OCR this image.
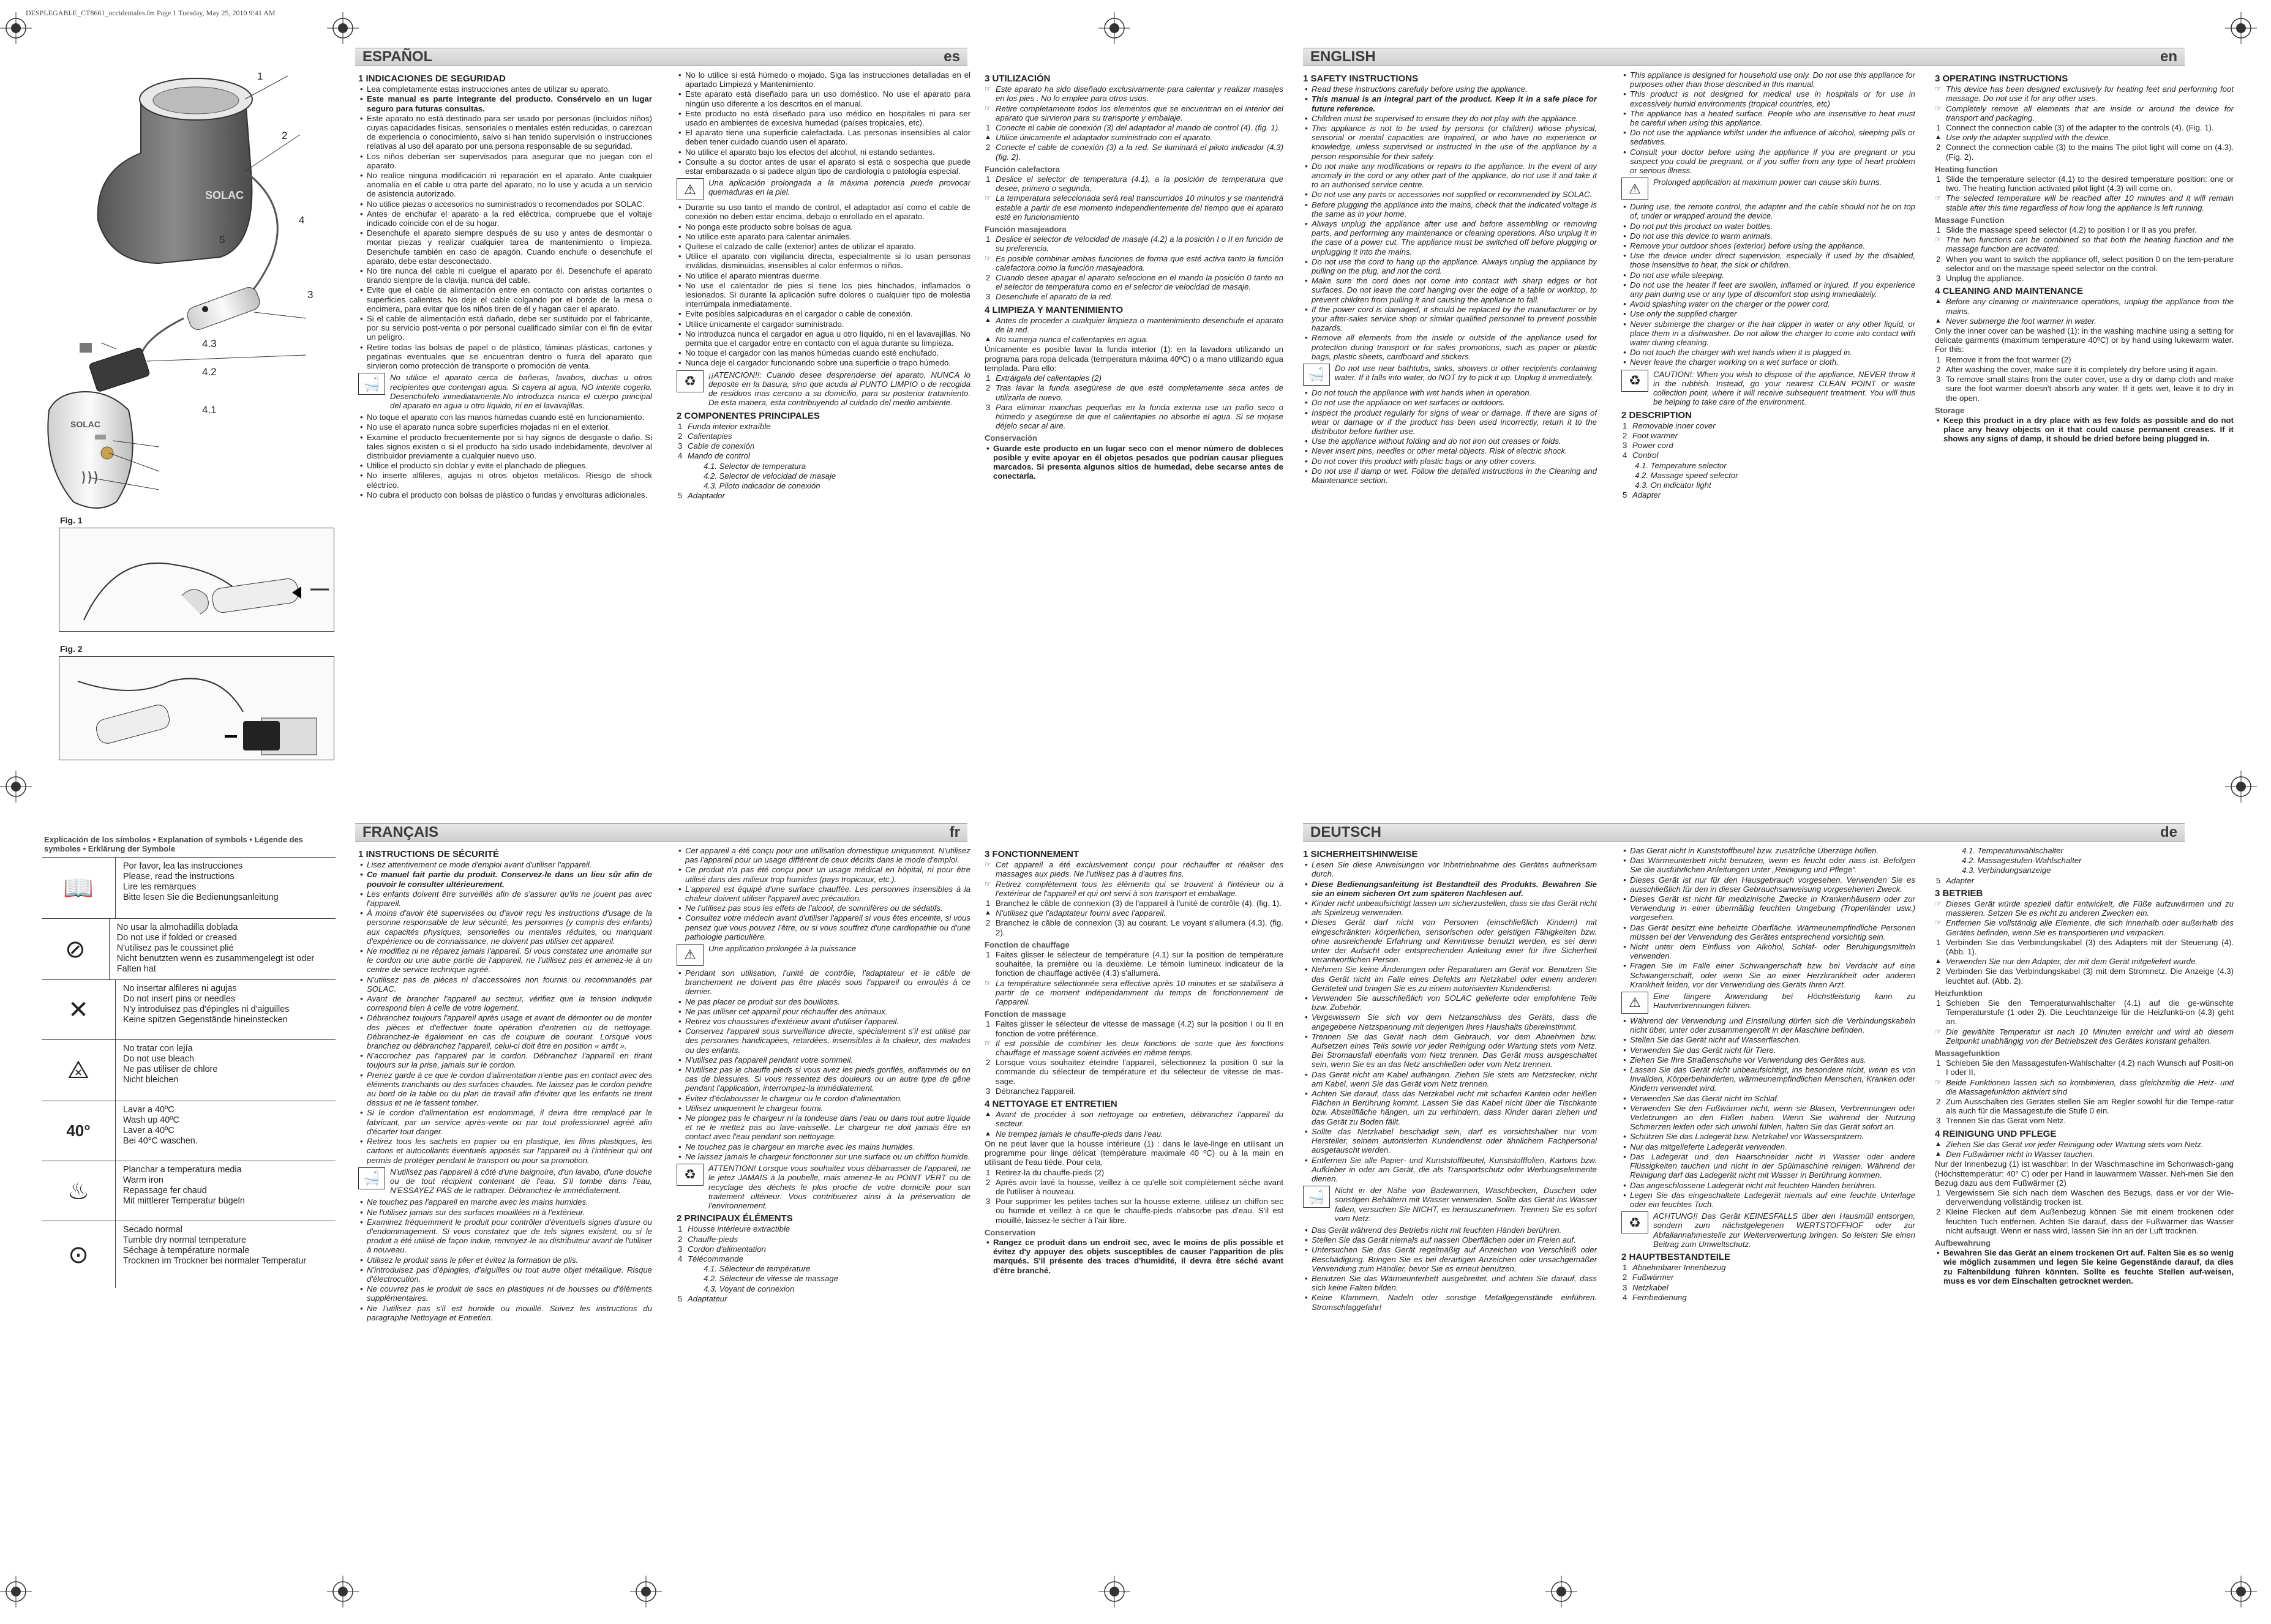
DESPLEGABLE_CT8661_occidentales.fm Page 1 Tuesday, May 25, 2010 9:41 AM
SOLAC
SOLAC
1
2
4
5
3
4.3
4.2
4.1
Fig. 1
Fig. 2
ESPAÑOL	es	ENGLISH	en
FRANÇAIS	fr	DEUTSCH	de
1 INDICACIONES DE SEGURIDAD

• Lea completamente estas instrucciones antes de utilizar su aparato.

• Este manual es parte integrante del producto. Consérvelo en un lugar seguro para futuras consultas.

• Este aparato no está destinado para ser usado por personas (incluidos niños) cuyas capacidades físicas, sensoriales o mentales estén reducidas, o carezcan de experiencia o conocimiento, salvo si han tenido supervisión o instrucciones relativas al uso del aparato por una persona responsable de su seguridad.

• Los niños deberían ser supervisados para asegurar que no juegan con el aparato.

• No realice ninguna modificación ni reparación en el aparato. Ante cualquier anomalía en el cable u otra parte del aparato, no lo use y acuda a un servicio de asistencia autorizado.

• No utilice piezas o accesorios no suministrados o recomendados por SOLAC.

• Antes de enchufar el aparato a la red eléctrica, compruebe que el voltaje indicado coincide con el de su hogar.

• Desenchufe el aparato siempre después de su uso y antes de desmontar o montar piezas y realizar cualquier tarea de mantenimiento o limpieza. Desenchufe también en caso de apagón. Cuando enchufe o desenchufe el aparato, debe estar desconectado.

• No tire nunca del cable ni cuelgue el aparato por él. Desenchufe el aparato tirando siempre de la clavija, nunca del cable.

• Evite que el cable de alimentación entre en contacto con aristas cortantes o superficies calientes. No deje el cable colgando por el borde de la mesa o encimera, para evitar que los niños tiren de él y hagan caer el aparato.

• Si el cable de alimentación está dañado, debe ser sustituido por el fabricante, por su servicio post-venta o por personal cualificado similar con el fin de evitar un peligro.

• Retire todas las bolsas de papel o de plástico, láminas plásticas, cartones y pegatinas eventuales que se encuentran dentro o fuera del aparato que sirvieron como protección de transporte o promoción de venta.

🛁	No utilice el aparato cerca de bañeras, lavabos, duchas u otros recipientes que contengan agua. Si cayera al agua, NO intente cogerlo. Desenchúfelo inmediatamente.No introduzca nunca el cuerpo principal del aparato en agua u otro líquido, ni en el lavavajillas.

• No toque el aparato con las manos húmedas cuando esté en funcionamiento.

• No use el aparato nunca sobre superficies mojadas ni en el exterior.

• Examine el producto frecuentemente por si hay signos de desgaste o daño. Si tales signos existen o si el producto ha sido usado indebidamente, devolver al distribuidor previamente a cualquier nuevo uso.

• Utilice el producto sin doblar y evite el planchado de pliegues.

• No inserte alfileres, agujas ni otros objetos metálicos. Riesgo de shock eléctrico.

• No cubra el producto con bolsas de plástico o fundas y envolturas adicionales.

• No lo utilice si está húmedo o mojado. Siga las instrucciones detalladas en el apartado Limpieza y Mantenimiento.

• Este aparato está diseñado para un uso doméstico. No use el aparato para ningún uso diferente a los descritos en el manual.

• Este producto no está diseñado para uso médico en hospitales ni para ser usado en ambientes de excesiva humedad (países tropicales, etc).

• El aparato tiene una superficie calefactada. Las personas insensibles al calor deben tener cuidado cuando usen el aparato.

• No utilice el aparato bajo los efectos del alcohol, ni estando sedantes.

• Consulte a su doctor antes de usar el aparato si está o sospecha que puede estar embarazada o si padece algún tipo de cardiología o patología especial.

⚠	Una aplicación prolongada a la máxima potencia puede provocar quemaduras en la piel.

• Durante su uso tanto el mando de control, el adaptador así como el cable de conexión no deben estar encima, debajo o enrollado en el aparato.

• No ponga este producto sobre bolsas de agua.

• No utilice este aparato para calentar animales.

• Quítese el calzado de calle (exterior) antes de utilizar el aparato.

• Utilice el aparato con vigilancia directa, especialmente si lo usan personas inválidas, disminuidas, insensibles al calor enfermos o niños.

• No utilice el aparato mientras duerme.

• No use el calentador de pies si tiene los pies hinchados, inflamados o lesionados. Si durante la aplicación sufre dolores o cualquier tipo de molestia interrúmpala inmediatamente.

• Evite posibles salpicaduras en el cargador o cable de conexión.

• Utilice únicamente el cargador suministrado.

• No introduzca nunca el cargador en agua u otro líquido, ni en el lavavajillas. No permita que el cargador entre en contacto con el agua durante su limpieza.

• No toque el cargador con las manos húmedas cuando esté enchufado.

• Nunca deje el cargador funcionando sobre una superficie o trapo húmedo.

♻	¡¡ATENCION!!: Cuando desee desprenderse del aparato, NUNCA lo deposite en la basura, sino que acuda al PUNTO LIMPIO o de recogida de residuos mas cercano a su domicilio, para su posterior tratamiento. De esta manera, esta contribuyendo al cuidado del medio ambiente.
2 COMPONENTES PRINCIPALES

1 Funda interior extraíble

2 Calientapies

3 Cable de conexión

4 Mando de control

4.1. Selector de temperatura

4.2. Selector de velocidad de masaje

4.3. Piloto indicador de conexión

5 Adaptador

3 UTILIZACIÓN

☞ Este aparato ha sido diseñado exclusivamente para calentar y realizar masajes en los pies . No lo emplee para otros usos.

☞ Retire completamente todos los elementos que se encuentran en el interior del aparato que sirvieron para su transporte y embalaje.

1 Conecte el cable de conexión (3) del adaptador al mando de control (4). (fig. 1).

▲ Utilice únicamente el adaptador suministrado con el aparato.

2 Conecte el cable de conexión (3) a la red. Se iluminará el piloto indicador (4.3) (fig. 2).

Función calefactora

1 Deslice el selector de temperatura (4.1), a la posición de temperatura que desee, primero o segunda.

☞ La temperatura seleccionada será real transcurridos 10 minutos y se mantendrá estable a partir de ese momento independientemente del tiempo que el aparato esté en funcionamiento

Función masajeadora

1 Deslice el selector de velocidad de masaje (4.2) a la posición I o II en función de su preferencia.

☞ Es posible combinar ambas funciones de forma que esté activa tanto la función calefactora como la función masajeadora.

2 Cuando desee apagar el aparato seleccione en el mando la posición 0 tanto en el selector de temperatura como en el selector de velocidad de masaje.

3 Desenchufe el aparato de la red.

4 LIMPIEZA Y MANTENIMIENTO

▲ Antes de proceder a cualquier limpieza o mantenimiento desenchufe el aparato de la red.

▲ No sumerja nunca el calientapies en agua.

Únicamente es posible lavar la funda interior (1): en la lavadora utilizando un programa para ropa delicada (temperatura máxima 40ºC) o a mano utilizando agua templada. Para ello:

1 Extráigala del calientapies (2)

2 Tras lavar la funda asegúrese de que esté completamente seca antes de utilizarla de nuevo.

3 Para eliminar manchas pequeñas en la funda externa use un paño seco o húmedo y asegúrese de que el calientapies no absorbe el agua. Si se mojase déjelo secar al aire.

Conservación

• Guarde este producto en un lugar seco con el menor número de dobleces posible y evite apoyar en él objetos pesados que podrían causar pliegues marcados. Si presenta algunos sitios de humedad, debe secarse antes de conectarla.

1 SAFETY INSTRUCTIONS

• Read these instructions carefully before using the appliance.

• This manual is an integral part of the product. Keep it in a safe place for future reference.

• Children must be supervised to ensure they do not play with the appliance.

• This appliance is not to be used by persons (or children) whose physical, sensorial or mental capacities are impaired, or who have no experience or knowledge, unless supervised or instructed in the use of the appliance by a person responsible for their safety.

• Do not make any modifications or repairs to the appliance. In the event of any anomaly in the cord or any other part of the appliance, do not use it and take it to an authorised service centre.

• Do not use any parts or accessories not supplied or recommended by SOLAC.

• Before plugging the appliance into the mains, check that the indicated voltage is the same as in your home.

• Always unplug the appliance after use and before assembling or removing parts, and performing any maintenance or cleaning operations. Also unplug it in the case of a power cut. The appliance must be switched off before plugging or unplugging it into the mains.

• Do not use the cord to hang up the appliance. Always unplug the appliance by pulling on the plug, and not the cord.

• Make sure the cord does not come into contact with sharp edges or hot surfaces. Do not leave the cord hanging over the edge of a table or worktop, to prevent children from pulling it and causing the appliance to fall.

• If the power cord is damaged, it should be replaced by the manufacturer or by your after-sales service shop or similar qualified personnel to prevent possible hazards.

• Remove all elements from the inside or outside of the appliance used for protection during transport or for sales promotions, such as paper or plastic bags, plastic sheets, cardboard and stickers.

🛁	Do not use near bathtubs, sinks, showers or other recipients containing water. If it falls into water, do NOT try to pick it up. Unplug it immediately.

• Do not touch the appliance with wet hands when in operation.

• Do not use the appliance on wet surfaces or outdoors.

• Inspect the product regularly for signs of wear or damage. If there are signs of wear or damage or if the product has been used incorrectly, return it to the distributor before further use.

• Use the appliance without folding and do not iron out creases or folds.

• Never insert pins, needles or other metal objects. Risk of electric shock.

• Do not cover this product with plastic bags or any other covers.

• Do not use if damp or wet. Follow the detailed instructions in the Cleaning and Maintenance section.

• This appliance is designed for household use only. Do not use this appliance for purposes other than those described in this manual.

• This product is not designed for medical use in hospitals or for use in excessively humid environments (tropical countries, etc)

• The appliance has a heated surface. People who are insensitive to heat must be careful when using this appliance.

• Do not use the appliance whilst under the influence of alcohol, sleeping pills or sedatives.

• Consult your doctor before using the appliance if you are pregnant or you suspect you could be pregnant, or if you suffer from any type of heart problem or serious illness.

⚠	Prolonged application at maximum power can cause skin burns.

• During use, the remote control, the adapter and the cable should not be on top of, under or wrapped around the device.

• Do not put this product on water bottles.

• Do not use this device to warm animals.

• Remove your outdoor shoes (exterior) before using the appliance.

• Use the device under direct supervision, especially if used by the disabled, those insensitive to heat, the sick or children.

• Do not use while sleeping.

• Do not use the heater if feet are swollen, inflamed or injured. If you experience any pain during use or any type of discomfort stop using immediately.

• Avoid splashing water on the charger or the power cord.

• Use only the supplied charger

• Never submerge the charger or the hair clipper in water or any other liquid, or place them in a dishwasher. Do not allow the charger to come into contact with water during cleaning.

• Do not touch the charger with wet hands when it is plugged in.

• Never leave the charger working on a wet surface or cloth.

♻	CAUTION!: When you wish to dispose of the appliance, NEVER throw it in the rubbish. Instead, go your nearest CLEAN POINT or waste collection point, where it will receive subsequent treatment. You will thus be helping to take care of the environment.
2 DESCRIPTION

1 Removable inner cover

2 Foot warmer

3 Power cord

4 Control

4.1. Temperature selector

4.2. Massage speed selector

4.3. On indicator light

5 Adapter

3 OPERATING INSTRUCTIONS

☞ This device has been designed exclusively for heating feet and performing foot massage. Do not use it for any other uses.

☞ Completely remove all elements that are inside or around the device for transport and packaging.

1 Connect the connection cable (3) of the adapter to the controls (4). (Fig. 1).

▲ Use only the adapter supplied with the device.

2 Connect the connection cable (3) to the mains The pilot light will come on (4.3). (Fig. 2).

Heating function

1 Slide the temperature selector (4.1) to the desired temperature position: one or two. The heating function activated pilot light (4.3) will come on.

☞ The selected temperature will be reached after 10 minutes and it will remain stable after this time regardless of how long the appliance is left running.

Massage Function

1 Slide the massage speed selector (4.2) to position I or II as you prefer.

☞ The two functions can be combined so that both the heating function and the massage function are activated.

2 When you want to switch the appliance off, select position 0 on the tem-perature selector and on the massage speed selector on the control.

3 Unplug the appliance.

4 CLEANING AND MAINTENANCE

▲ Before any cleaning or maintenance operations, unplug the appliance from the mains.

▲ Never submerge the foot warmer in water.

Only the inner cover can be washed (1): in the washing machine using a setting for delicate garments (maximum temperature 40ºC) or by hand using lukewarm water. For this:

1 Remove it from the foot warmer (2)

2 After washing the cover, make sure it is completely dry before using it again.

3 To remove small stains from the outer cover, use a dry or damp cloth and make sure the foot warmer doesn't absorb any water. If it gets wet, leave it to dry in the open.

Storage

• Keep this product in a dry place with as few folds as possible and do not place any heavy objects on it that could cause permanent creases. If it shows any signs of damp, it should be dried before being plugged in.

1 INSTRUCTIONS DE SÉCURITÉ

• Lisez attentivement ce mode d'emploi avant d'utiliser l'appareil.

• Ce manuel fait partie du produit. Conservez-le dans un lieu sûr afin de pouvoir le consulter ultérieurement.

• Les enfants doivent être surveillés afin de s'assurer qu'ils ne jouent pas avec l'appareil.

• À moins d'avoir été supervisées ou d'avoir reçu les instructions d'usage de la personne responsable de leur sécurité, les personnes (y compris des enfants) aux capacités physiques, sensorielles ou mentales réduites, ou manquant d'expérience ou de connaissance, ne doivent pas utiliser cet appareil.

• Ne modifiez ni ne réparez jamais l'appareil. Si vous constatez une anomalie sur le cordon ou une autre partie de l'appareil, ne l'utilisez pas et amenez-le à un centre de service technique agréé.

• N'utilisez pas de pièces ni d'accessoires non fournis ou recommandés par SOLAC.

• Avant de brancher l'appareil au secteur, vérifiez que la tension indiquée correspond bien à celle de votre logement.

• Débranchez toujours l'appareil après usage et avant de démonter ou de monter des pièces et d'effectuer toute opération d'entretien ou de nettoyage. Débranchez-le également en cas de coupure de courant. Lorsque vous branchez ou débranchez l'appareil, celui-ci doit être en position « arrêt ».

• N'accrochez pas l'appareil par le cordon. Débranchez l'appareil en tirant toujours sur la prise, jamais sur le cordon.

• Prenez garde à ce que le cordon d'alimentation n'entre pas en contact avec des éléments tranchants ou des surfaces chaudes. Ne laissez pas le cordon pendre au bord de la table ou du plan de travail afin d'éviter que les enfants ne tirent dessus et ne le fassent tomber.

• Si le cordon d'alimentation est endommagé, il devra être remplacé par le fabricant, par un service après-vente ou par tout professionnel agréé afin d'écarter tout danger.

• Retirez tous les sachets en papier ou en plastique, les films plastiques, les cartons et autocollants éventuels apposés sur l'appareil ou à l'intérieur qui ont permis de protéger pendant le transport ou pour sa promotion.

🛁	N'utilisez pas l'appareil à côté d'une baignoire, d'un lavabo, d'une douche ou de tout récipient contenant de l'eau. S'il tombe dans l'eau, N'ESSAYEZ PAS de le rattraper. Débranchez-le immédiatement.

• Ne touchez pas l'appareil en marche avec les mains humides.

• Ne l'utilisez jamais sur des surfaces mouillées ni à l'extérieur.

• Examinez fréquemment le produit pour contrôler d'éventuels signes d'usure ou d'endommagement. Si vous constatez que de tels signes existent, ou si le produit a été utilisé de façon indue, renvoyez-le au distributeur avant de l'utiliser à nouveau.

• Utilisez le produit sans le plier et évitez la formation de plis.

• N'introduisez pas d'épingles, d'aiguilles ou tout autre objet métallique. Risque d'électrocution.

• Ne couvrez pas le produit de sacs en plastiques ni de housses ou d'éléments supplémentaires.

• Ne l'utilisez pas s'il est humide ou mouillé. Suivez les instructions du paragraphe Nettoyage et Entretien.

• Cet appareil a été conçu pour une utilisation domestique uniquement. N'utilisez pas l'appareil pour un usage différent de ceux décrits dans le mode d'emploi.

• Ce produit n'a pas été conçu pour un usage médical en hôpital, ni pour être utilisé dans des milieux trop humides (pays tropicaux, etc.).

• L'appareil est équipé d'une surface chauffée. Les personnes insensibles à la chaleur doivent utiliser l'appareil avec précaution.

• Ne l'utilisez pas sous les effets de l'alcool, de somnifères ou de sédatifs.

• Consultez votre médecin avant d'utiliser l'appareil si vous êtes enceinte, si vous pensez que vous pouvez l'être, ou si vous souffrez d'une cardiopathie ou d'une pathologie particulière.

⚠	Une application prolongée à la puissance

• Pendant son utilisation, l'unité de contrôle, l'adaptateur et le câble de branchement ne doivent pas être placés sous l'appareil ou enroulés à ce dernier.

• Ne pas placer ce produit sur des bouillotes.

• Ne pas utiliser cet appareil pour réchauffer des animaux.

• Retirez vos chaussures d'extérieur avant d'utiliser l'appareil.

• Conservez l'appareil sous surveillance directe, spécialement s'il est utilisé par des personnes handicapées, retardées, insensibles à la chaleur, des malades ou des enfants.

• N'utilisez pas l'appareil pendant votre sommeil.

• N'utilisez pas le chauffe pieds si vous avez les pieds gonflés, enflammés ou en cas de blessures. Si vous ressentez des douleurs ou un autre type de gêne pendant l'application, interrompez-la immédiatement.

• Évitez d'éclabousser le chargeur ou le cordon d'alimentation.

• Utilisez uniquement le chargeur fourni.

• Ne plongez pas le chargeur ni la tondeuse dans l'eau ou dans tout autre liquide et ne le mettez pas au lave-vaisselle. Le chargeur ne doit jamais être en contact avec l'eau pendant son nettoyage.

• Ne touchez pas le chargeur en marche avec les mains humides.

• Ne laissez jamais le chargeur fonctionner sur une surface ou un chiffon humide.

♻	ATTENTION! Lorsque vous souhaitez vous débarrasser de l'appareil, ne le jetez JAMAIS à la poubelle, mais amenez-le au POINT VERT ou de recyclage des déchets le plus proche de votre domicile pour son traitement ultérieur. Vous contribuerez ainsi à la préservation de l'environnement.
2 PRINCIPAUX ÉLÉMENTS

1 Housse intérieure extractible

2 Chauffe-pieds

3 Cordon d'alimentation

4 Télécommande

4.1. Sélecteur de température

4.2. Sélecteur de vitesse de massage

4.3. Voyant de connexion

5 Adaptateur

3 FONCTIONNEMENT

☞ Cet appareil a été exclusivement conçu pour réchauffer et réaliser des massages aux pieds. Ne l'utilisez pas à d'autres fins.

☞ Retirez complètement tous les éléments qui se trouvent à l'intérieur ou à l'extérieur de l'appareil et qui ont servi à son transport et emballage.

1 Branchez le câble de connexion (3) de l'appareil à l'unité de contrôle (4). (fig. 1).

▲ N'utilisez que l'adaptateur fourni avec l'appareil.

2 Branchez le câble de connexion (3) au courant. Le voyant s'allumera (4.3). (fig. 2).

Fonction de chauffage

1 Faites glisser le sélecteur de température (4.1) sur la position de température souhaitée, la première ou la deuxième. Le témoin lumineux indicateur de la fonction de chauffage activée (4.3) s'allumera.

☞ La température sélectionnée sera effective après 10 minutes et se stabilisera à partir de ce moment indépendamment du temps de fonctionnement de l'appareil.

Fonction de massage

1 Faites glisser le sélecteur de vitesse de massage (4.2) sur la position I ou II en fonction de votre préférence.

☞ Il est possible de combiner les deux fonctions de sorte que les fonctions chauffage et massage soient activées en même temps.

2 Lorsque vous souhaitez éteindre l'appareil, sélectionnez la position 0 sur la commande du sélecteur de température et du sélecteur de vitesse de mas-sage.

3 Débranchez l'appareil.

4 NETTOYAGE ET ENTRETIEN

▲ Avant de procéder à son nettoyage ou entretien, débranchez l'appareil du secteur.

▲ Ne trempez jamais le chauffe-pieds dans l'eau.

On ne peut laver que la housse intérieure (1) : dans le lave-linge en utilisant un programme pour linge délicat (température maximale 40 ºC) ou à la main en utilisant de l'eau tiède. Pour cela,

1 Retirez-la du chauffe-pieds (2)

2 Après avoir lavé la housse, veillez à ce qu'elle soit complètement sèche avant de l'utiliser à nouveau.

3 Pour supprimer les petites taches sur la housse externe, utilisez un chiffon sec ou humide et veillez à ce que le chauffe-pieds n'absorbe pas d'eau. S'il est mouillé, laissez-le sécher à l'air libre.

Conservation

• Rangez ce produit dans un endroit sec, avec le moins de plis possible et évitez d'y appuyer des objets susceptibles de causer l'apparition de plis marqués. S'il présente des traces d'humidité, il devra être séché avant d'être branché.

1 SICHERHEITSHINWEISE

• Lesen Sie diese Anweisungen vor Inbetriebnahme des Gerätes aufmerksam durch.

• Diese Bedienungsanleitung ist Bestandteil des Produkts. Bewahren Sie sie an einem sicheren Ort zum späteren Nachlesen auf.

• Kinder nicht unbeaufsichtigt lassen um sicherzustellen, dass sie das Gerät nicht als Spielzeug verwenden.

• Dieses Gerät darf nicht von Personen (einschließlich Kindern) mit eingeschränkten körperlichen, sensorischen oder geistigen Fähigkeiten bzw. ohne ausreichende Erfahrung und Kenntnisse benutzt werden, es sei denn unter der Aufsicht oder entsprechenden Anleitung einer für ihre Sicherheit verantwortlichen Person.

• Nehmen Sie keine Änderungen oder Reparaturen am Gerät vor. Benutzen Sie das Gerät nicht im Falle eines Defekts am Netzkabel oder einem anderen Geräteteil und bringen Sie es zu einem autorisierten Kundendienst.

• Verwenden Sie ausschließlich von SOLAC gelieferte oder empfohlene Teile bzw. Zubehör.

• Vergewissern Sie sich vor dem Netzanschluss des Geräts, dass die angegebene Netzspannung mit derjenigen Ihres Haushalts übereinstimmt.

• Trennen Sie das Gerät nach dem Gebrauch, vor dem Abnehmen bzw. Aufsetzen eines Teils sowie vor jeder Reinigung oder Wartung stets vom Netz. Bei Stromausfall ebenfalls vom Netz trennen. Das Gerät muss ausgeschaltet sein, wenn Sie es an das Netz anschließen oder vom Netz trennen.

• Das Gerät nicht am Kabel aufhängen. Ziehen Sie stets am Netzstecker, nicht am Kabel, wenn Sie das Gerät vom Netz trennen.

• Achten Sie darauf, dass das Netzkabel nicht mit scharfen Kanten oder heißen Flächen in Berührung kommt. Lassen Sie das Kabel nicht über die Tischkante bzw. Abstellfläche hängen, um zu verhindern, dass Kinder daran ziehen und das Gerät zu Boden fällt.

• Sollte das Netzkabel beschädigt sein, darf es vorsichtshalber nur vom Hersteller, seinem autorisierten Kundendienst oder ähnlichem Fachpersonal ausgetauscht werden.

• Entfernen Sie alle Papier- und Kunststoffbeutel, Kunststofffolien, Kartons bzw. Aufkleber in oder am Gerät, die als Transportschutz oder Werbungselemente dienen.

🛁	Nicht in der Nähe von Badewannen, Waschbecken, Duschen oder sonstigen Behältern mit Wasser verwenden. Sollte das Gerät ins Wasser fallen, versuchen Sie NICHT, es herauszunehmen. Trennen Sie es sofort vom Netz.

• Das Gerät während des Betriebs nicht mit feuchten Händen berühren.

• Stellen Sie das Gerät niemals auf nassen Oberflächen oder im Freien auf.

• Untersuchen Sie das Gerät regelmäßig auf Anzeichen von Verschleiß oder Beschädigung. Bringen Sie es bei derartigen Anzeichen oder unsachgemäßer Verwendung zum Händler, bevor Sie es erneut benutzen.

• Benutzen Sie das Wärmeunterbett ausgebreitet, und achten Sie darauf, dass sich keine Falten bilden.

• Keine Klammern, Nadeln oder sonstige Metallgegenstände einführen. Stromschlaggefahr!

• Das Gerät nicht in Kunststoffbeutel bzw. zusätzliche Überzüge hüllen.

• Das Wärmeunterbett nicht benutzen, wenn es feucht oder nass ist. Befolgen Sie die ausführlichen Anleitungen unter „Reinigung und Pflege“.

• Dieses Gerät ist nur für den Hausgebrauch vorgesehen. Verwenden Sie es ausschließlich für den in dieser Gebrauchsanweisung vorgesehenen Zweck.

• Dieses Gerät ist nicht für medizinische Zwecke in Krankenhäusern oder zur Verwendung in einer übermäßig feuchten Umgebung (Tropenländer usw.) vorgesehen.

• Das Gerät besitzt eine beheizte Oberfläche. Wärmeunempfindliche Personen müssen bei der Verwendung des Gerätes entsprechend vorsichtig sein.

• Nicht unter dem Einfluss von Alkohol, Schlaf- oder Beruhigungsmitteln verwenden.

• Fragen Sie im Falle einer Schwangerschaft bzw. bei Verdacht auf eine Schwangerschaft, oder wenn Sie an einer Herzkrankheit oder anderen Krankheit leiden, vor der Verwendung des Geräts Ihren Arzt.

⚠	Eine längere Anwendung bei Höchstleistung kann zu Hautverbrennungen führen.

• Während der Verwendung und Einstellung dürfen sich die Verbindungskabeln nicht über, unter oder zusammengerollt in der Maschine befinden.

• Stellen Sie das Gerät nicht auf Wasserflaschen.

• Verwenden Sie das Gerät nicht für Tiere.

• Ziehen Sie Ihre Straßenschuhe vor Verwendung des Gerätes aus.

• Lassen Sie das Gerät nicht unbeaufsichtigt, ins besondere nicht, wenn es von Invaliden, Körperbehinderten, wärmeunempfindlichen Menschen, Kranken oder Kindern verwendet wird.

• Verwenden Sie das Gerät nicht im Schlaf.

• Verwenden Sie den Fußwärmer nicht, wenn sie Blasen, Verbrennungen oder Verletzungen an den Füßen haben. Wenn Sie während der Nutzung Schmerzen leiden oder sich unwohl fühlen, halten Sie das Gerät sofort an.

• Schützen Sie das Ladegerät bzw. Netzkabel vor Wasserspritzern.

• Nur das mitgelieferte Ladegerät verwenden.

• Das Ladegerät und den Haarschneider nicht in Wasser oder andere Flüssigkeiten tauchen und nicht in der Spülmaschine reinigen. Während der Reinigung darf das Ladegerät nicht mit Wasser in Berührung kommen.

• Das angeschlossene Ladegerät nicht mit feuchten Händen berühren.

• Legen Sie das eingeschaltete Ladegerät niemals auf eine feuchte Unterlage oder ein feuchtes Tuch.

♻	ACHTUNG!! Das Gerät KEINESFALLS über den Hausmüll entsorgen, sondern zum nächstgelegenen WERTSTOFFHOF oder zur Abfallannahmestelle zur Weiterverwertung bringen. So leisten Sie einen Beitrag zum Umweltschutz.
2 HAUPTBESTANDTEILE

1 Abnehmbarer Innenbezug

2 Fußwärmer

3 Netzkabel

4 Fernbedienung

4.1. Temperaturwahlschalter

4.2. Massagestufen-Wahlschalter

4.3. Verbindungsanzeige

5 Adapter

3 BETRIEB

☞ Dieses Gerät würde speziell dafür entwickelt, die Füße aufzuwärmen und zu massieren. Setzen Sie es nicht zu anderen Zwecken ein.

☞ Entfernen Sie vollständig alle Elemente, die sich innerhalb oder außerhalb des Gerätes befinden, wenn Sie es transportieren und verpacken.

1 Verbinden Sie das Verbindungskabel (3) des Adapters mit der Steuerung (4). (Abb. 1).

▲ Verwenden Sie nur den Adapter, der mit dem Gerät mitgeliefert wurde.

2 Verbinden Sie das Verbindungskabel (3) mit dem Stromnetz. Die Anzeige (4.3) leuchtet auf. (Abb. 2).

Heizfunktion

1 Schieben Sie den Temperaturwahlschalter (4.1) auf die ge-wünschte Temperaturstufe (1 oder 2). Die Leuchtanzeige für die Heizfunkti-on (4.3) geht an.

☞ Die gewählte Temperatur ist nach 10 Minuten erreicht und wird ab diesem Zeitpunkt unabhängig von der Betriebszeit des Gerätes konstant gehalten.

Massagefunktion

1 Schieben Sie den Massagestufen-Wahlschalter (4.2) nach Wunsch auf Positi-on I oder II.

☞ Beide Funktionen lassen sich so kombinieren, dass gleichzeitig die Heiz- und die Massagefunktion aktiviert sind

2 Zum Ausschalten des Gerätes stellen Sie am Regler sowohl für die Tempe-ratur als auch für die Massagestufe die Stufe 0 ein.

3 Trennen Sie das Gerät vom Netz.

4 REINIGUNG UND PFLEGE

▲ Ziehen Sie das Gerät vor jeder Reinigung oder Wartung stets vom Netz.

▲ Den Fußwärmer nicht in Wasser tauchen.

Nur der Innenbezug (1) ist waschbar: In der Waschmaschine im Schonwasch-gang (Höchsttemperatur: 40° C) oder per Hand in lauwarmem Wasser. Neh-men Sie den Bezug dazu aus dem Fußwärmer (2)

1 Vergewissern Sie sich nach dem Waschen des Bezugs, dass er vor der Wie-derverwendung vollständig trocken ist.

2 Kleine Flecken auf dem Außenbezug können Sie mit einem trockenen oder feuchten Tuch entfernen. Achten Sie darauf, dass der Fußwärmer das Wasser nicht aufsaugt. Wenn er nass wird, lassen Sie ihn an der Luft trocknen.

Aufbewahrung

• Bewahren Sie das Gerät an einem trockenen Ort auf. Falten Sie es so wenig wie möglich zusammen und legen Sie keine Gegenstände darauf, da dies zu Faltenbildung führen könnten. Sollte es feuchte Stellen auf-weisen, muss es vor dem Einschalten getrocknet werden.

Explicación de los símbolos • Explanation of symbols • Légende des symboles • Erklärung der Symbole
📖
Por favor, lea las instrucciones
Please, read the instructions
Lire les remarques
Bitte lesen Sie die Bedienungsanleitung
⊘
No usar la almohadilla doblada
Do not use if folded or creased
N'utilisez pas le coussinet plié
Nicht benutzten wenn es zusammengelegt ist oder Falten hat
✕
No insertar alfileres ni agujas
Do not insert pins or needles
N'y introduisez pas d'épingles ni d'aiguilles
Keine spitzen Gegenstände hineinstecken
⨻
No tratar con lejía
Do not use bleach
Ne pas utiliser de chlore
Nicht bleichen
40°
Lavar a 40ºC
Wash up 40ºC
Laver a 40ºC
Bei 40°C waschen.
♨
Planchar a temperatura media
Warm iron
Repassage fer chaud
Mit mittlerer Temperatur bügeln
⊙
Secado normal
Tumble dry normal temperature
Séchage à température normale
Trocknen im Trockner bei normaler Temperatur
